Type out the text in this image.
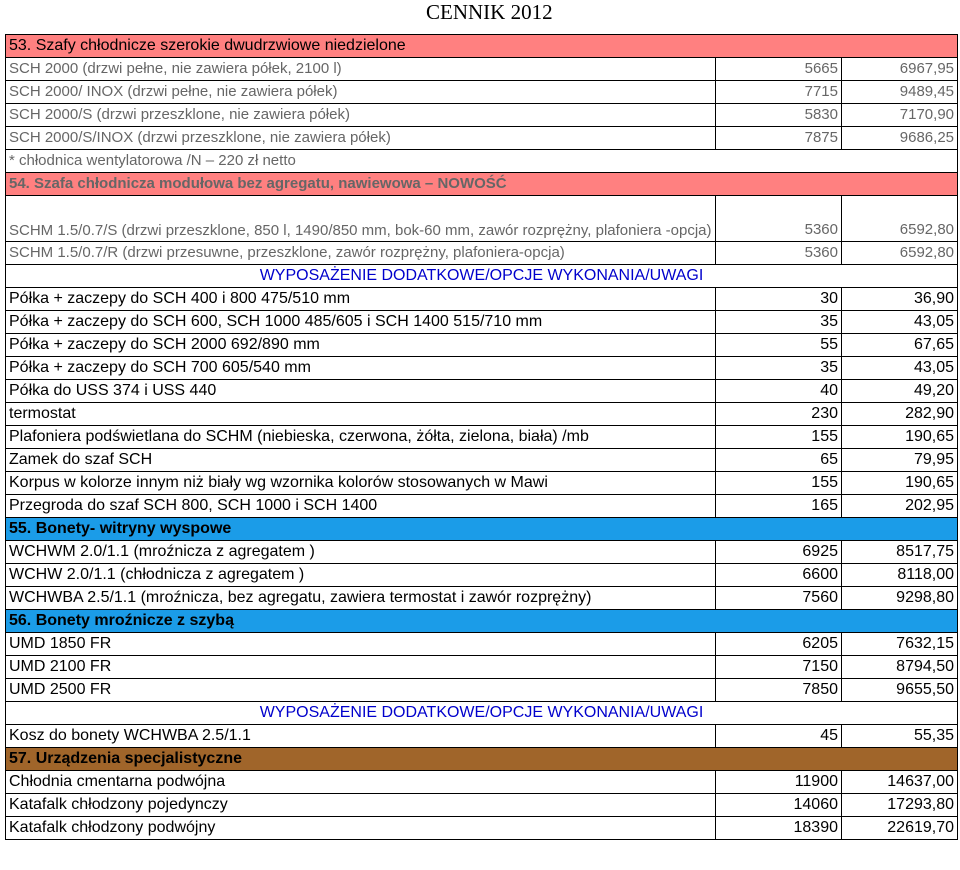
CENNIK 2012
53. Szafy chłodnicze szerokie dwudrzwiowe niedzielone		
SCH 2000 (drzwi pełne, nie zawiera półek, 2100 l)	5665	6967,95
SCH 2000/ INOX (drzwi pełne, nie zawiera półek)	7715	9489,45
SCH 2000/S (drzwi przeszklone, nie zawiera półek)	5830	7170,90
SCH 2000/S/INOX (drzwi przeszklone, nie zawiera półek)	7875	9686,25
* chłodnica wentylatorowa /N – 220 zł netto		
54. Szafa chłodnicza modułowa bez agregatu, nawiewowa – NOWOŚĆ		
SCHM 1.5/0.7/S (drzwi przeszklone, 850 l, 1490/850 mm, bok-60 mm, zawór rozprężny, plafoniera -opcja)	5360	6592,80
SCHM 1.5/0.7/R (drzwi przesuwne, przeszklone, zawór rozprężny, plafoniera-opcja)	5360	6592,80
WYPOSAŻENIE DODATKOWE/OPCJE WYKONANIA/UWAGI		
Półka + zaczepy do SCH 400 i 800 475/510 mm	30	36,90
Półka + zaczepy do SCH 600, SCH 1000 485/605 i SCH 1400 515/710 mm	35	43,05
Półka + zaczepy do SCH 2000 692/890 mm	55	67,65
Półka + zaczepy do SCH 700 605/540 mm	35	43,05
Półka do USS 374 i USS 440	40	49,20
termostat	230	282,90
Plafoniera podświetlana do SCHM (niebieska, czerwona, żółta, zielona, biała) /mb	155	190,65
Zamek do szaf SCH	65	79,95
Korpus w kolorze innym niż biały wg wzornika kolorów stosowanych w Mawi	155	190,65
Przegroda do szaf SCH 800, SCH 1000 i SCH 1400	165	202,95
55. Bonety- witryny wyspowe		
WCHWM 2.0/1.1 (mroźnicza z agregatem )	6925	8517,75
WCHW 2.0/1.1 (chłodnicza z agregatem )	6600	8118,00
WCHWBA 2.5/1.1 (mroźnicza, bez agregatu, zawiera termostat i zawór rozprężny)	7560	9298,80
56. Bonety mroźnicze z szybą		
UMD 1850 FR	6205	7632,15
UMD 2100 FR	7150	8794,50
UMD 2500 FR	7850	9655,50
WYPOSAŻENIE DODATKOWE/OPCJE WYKONANIA/UWAGI		
Kosz do bonety WCHWBA 2.5/1.1	45	55,35
57. Urządzenia specjalistyczne		
Chłodnia cmentarna podwójna	11900	14637,00
Katafalk chłodzony pojedynczy	14060	17293,80
Katafalk chłodzony podwójny	18390	22619,70
